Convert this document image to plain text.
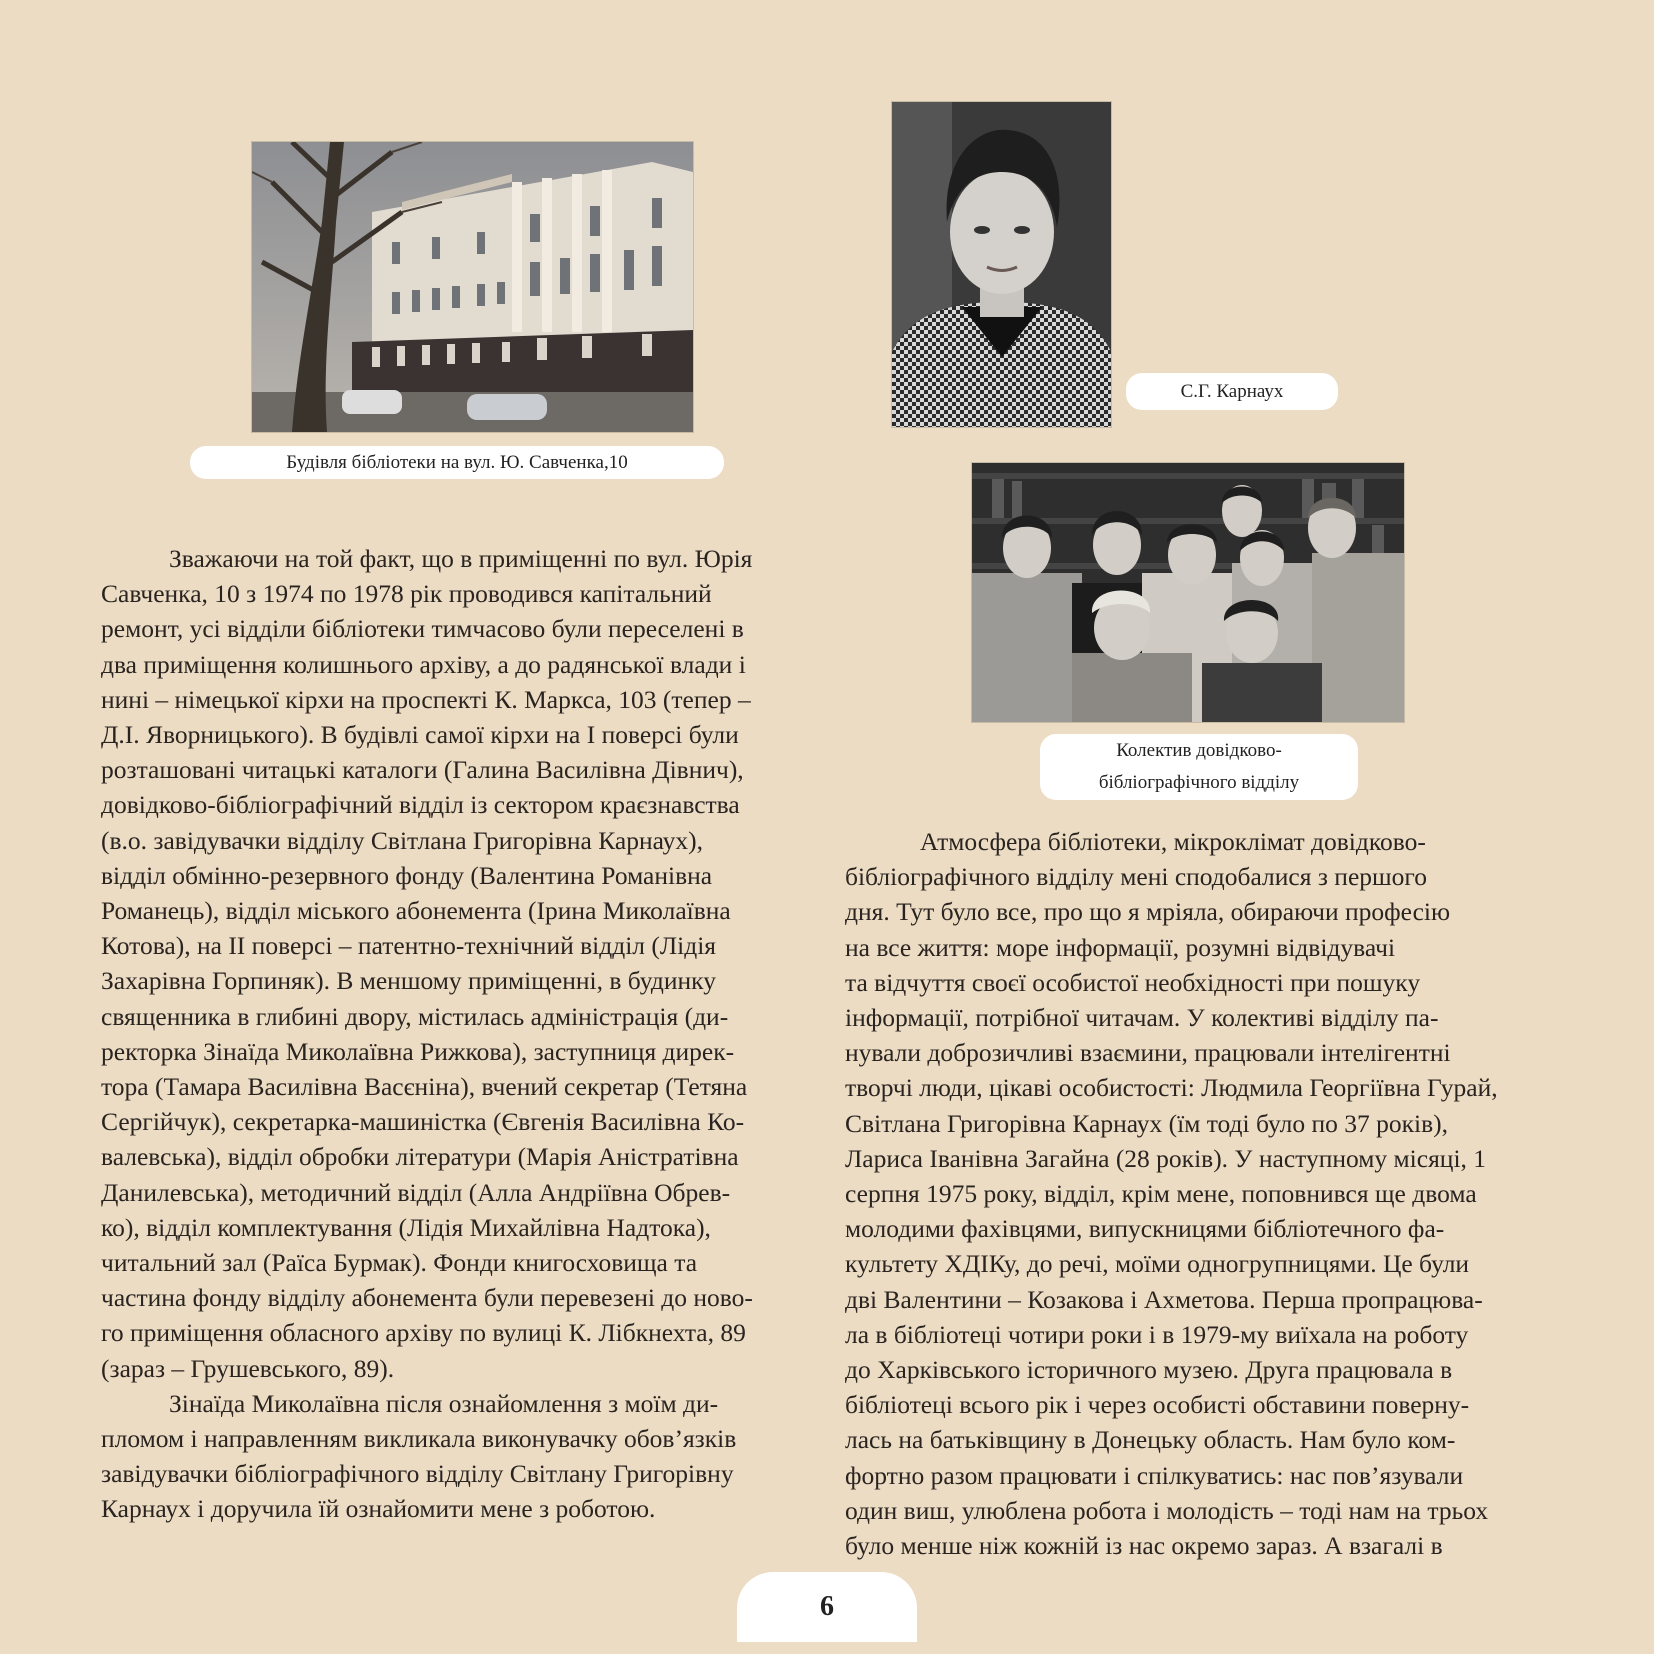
Будівля бібліотеки на вул. Ю. Савченка,10
С.Г. Карнаух
Колектив довідково-
бібліографічного відділу
Зважаючи на той факт, що в приміщенні по вул. Юрія
Савченка, 10 з 1974 по 1978 рік проводився капітальний
ремонт, усі відділи бібліотеки тимчасово були переселені в
два приміщення колишнього архіву, а до радянської влади і
нині – німецької кірхи на проспекті К. Маркса, 103 (тепер –
Д.І. Яворницького). В будівлі самої кірхи на І поверсі були
розташовані читацькі каталоги (Галина Василівна Дівнич),
довідково-бібліографічний відділ із сектором краєзнавства
(в.о. завідувачки відділу Світлана Григорівна Карнаух),
відділ обмінно-резервного фонду (Валентина Романівна
Романець), відділ міського абонемента (Ірина Миколаївна
Котова), на ІІ поверсі – патентно-технічний відділ (Лідія
Захарівна Горпиняк). В меншому приміщенні, в будинку
священника в глибині двору, містилась адміністрація (ди-
ректорка Зінаїда Миколаївна Рижкова), заступниця дирек-
тора (Тамара Василівна Васєніна), вчений секретар (Тетяна
Сергійчук), секретарка-машиністка (Євгенія Василівна Ко-
валевська), відділ обробки літератури (Марія Аністратівна
Данилевська), методичний відділ (Алла Андріївна Обрев-
ко), відділ комплектування (Лідія Михайлівна Надтока),
читальний зал (Раїса Бурмак). Фонди книгосховища та
частина фонду відділу абонемента були перевезені до ново-
го приміщення обласного архіву по вулиці К. Лібкнехта, 89
(зараз – Грушевського, 89).
Зінаїда Миколаївна після ознайомлення з моїм ди-
пломом і направленням викликала виконувачку обов’язків
завідувачки бібліографічного відділу Світлану Григорівну
Карнаух і доручила їй ознайомити мене з роботою.
Атмосфера бібліотеки, мікроклімат довідково-
бібліографічного відділу мені сподобалися з першого
дня. Тут було все, про що я мріяла, обираючи професію
на все життя: море інформації, розумні відвідувачі
та відчуття своєї особистої необхідності при пошуку
інформації, потрібної читачам. У колективі відділу па-
нували доброзичливі взаємини, працювали інтелігентні
творчі люди, цікаві особистості: Людмила Георгіївна Гурай,
Світлана Григорівна Карнаух (їм тоді було по 37 років),
Лариса Іванівна Загайна (28 років). У наступному місяці, 1
серпня 1975 року, відділ, крім мене, поповнився ще двома
молодими фахівцями, випускницями бібліотечного фа-
культету ХДІКу, до речі, моїми одногрупницями. Це були
дві Валентини – Козакова і Ахметова. Перша пропрацюва-
ла в бібліотеці чотири роки і в 1979-му виїхала на роботу
до Харківського історичного музею. Друга працювала в
бібліотеці всього рік і через особисті обставини поверну-
лась на батьківщину в Донецьку область. Нам було ком-
фортно разом працювати і спілкуватись: нас пов’язували
один виш, улюблена робота і молодість – тоді нам на трьох
було менше ніж кожній із нас окремо зараз. А взагалі в
6
